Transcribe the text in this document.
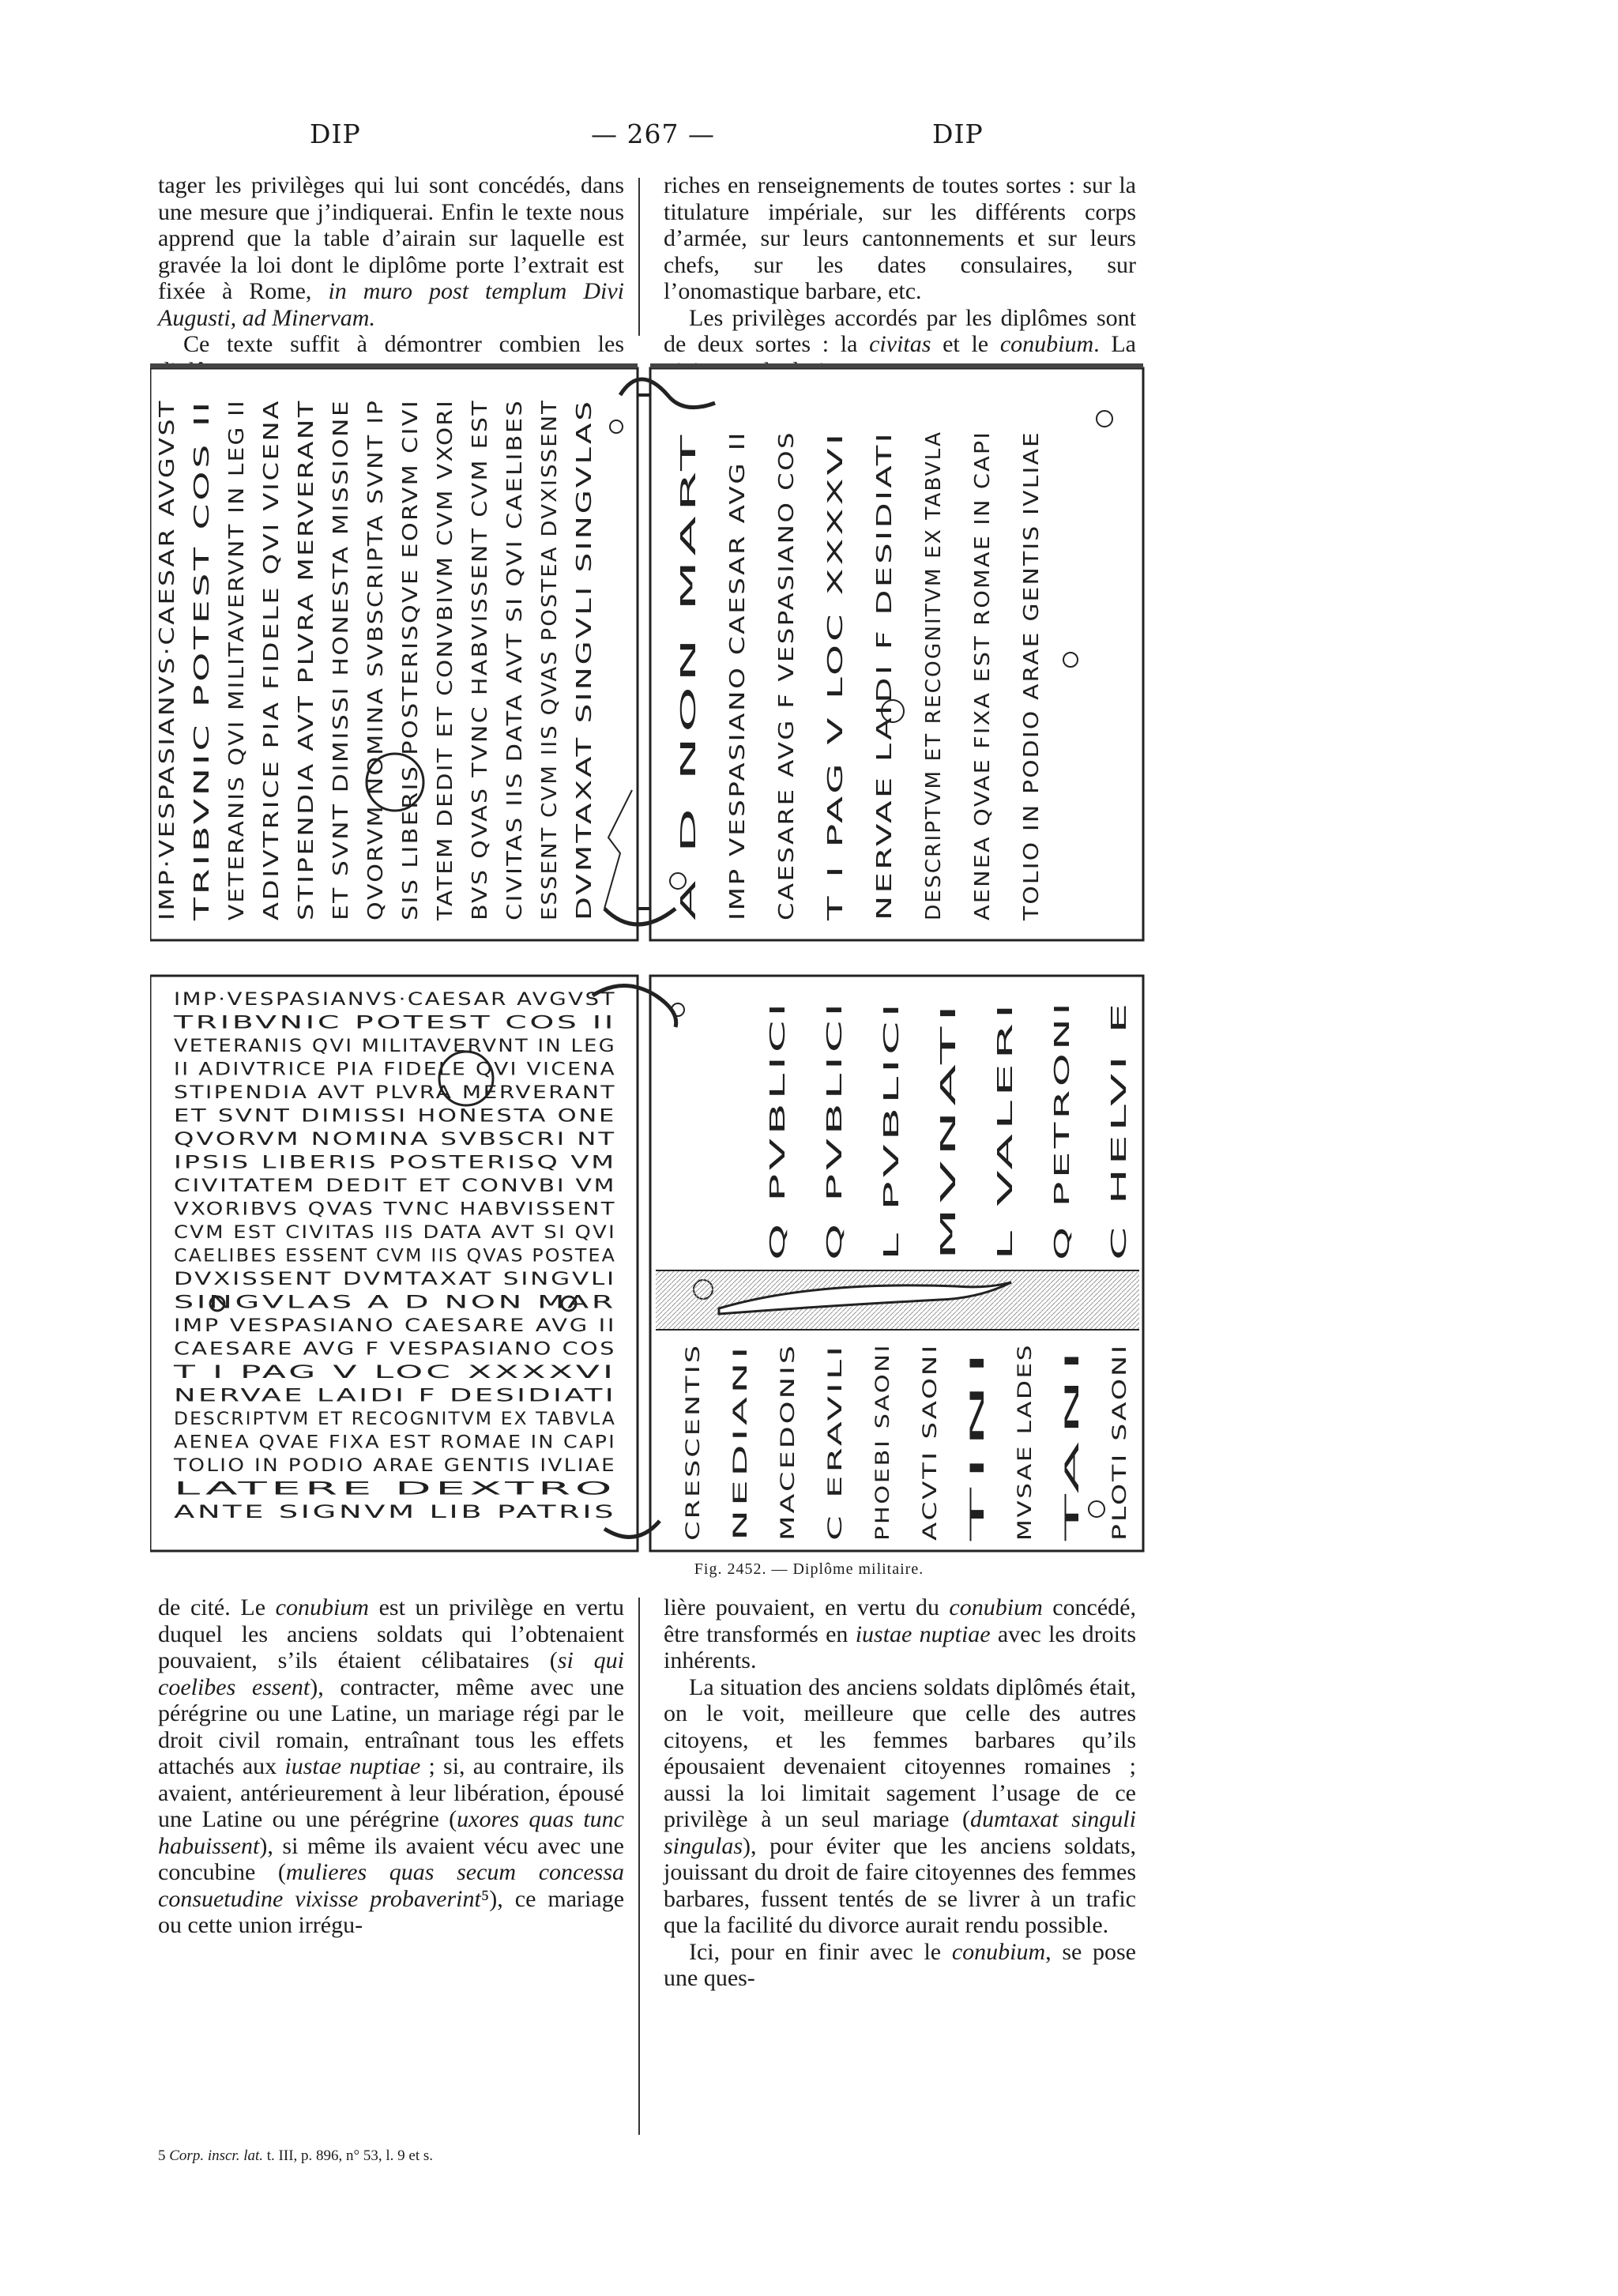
DIP	— 267 —	DIP

tager les privilèges qui lui sont concédés, dans une mesure que j’indiquerai. Enfin le texte nous apprend que la table d’airain sur laquelle est gravée la loi dont le diplôme porte l’extrait est fixée à Rome, in muro post templum Divi Augusti, ad Minervam.

Ce texte suffit à démontrer combien les

riches en renseignements de toutes sortes : sur la titulature impériale, sur les différents corps d’armée, sur leurs cantonnements et sur leurs chefs, sur les dates consulaires, sur l’onomastique barbare, etc.

Les privilèges accordés par les diplômes sont de deux sortes : la civitas et le conubium. La

IMP·VESPASIANVS·CAESAR AVGVST TRIBVNIC POTEST COS II VETERANIS QVI MILITAVERVNT IN LEG II ADIVTRICE PIA FIDELE QVI VICENA STIPENDIA AVT PLVRA MERVERANT ET SVNT DIMISSI HONESTA MISSIONE QVORVM NOMINA SVBSCRIPTA SVNT IP SIS LIBERIS POSTERISQVE EORVM CIVI TATEM DEDIT ET CONVBIVM CVM VXORI BVS QVAS TVNC HABVISSENT CVM EST CIVITAS IIS DATA AVT SI QVI CAELIBES ESSENT CVM IIS QVAS POSTEA DVXISSENT DVMTAXAT SINGVLI SINGVLAS	A D NON MART IMP VESPASIANO CAESAR AVG II CAESARE AVG F VESPASIANO COS T I PAG V LOC XXXXVI NERVAE LAIDI F DESIDIATI DESCRIPTVM ET RECOGNITVM EX TABVLA AENEA QVAE FIXA EST ROMAE IN CAPI TOLIO IN PODIO ARAE GENTIS IVLIAE
IMP·VESPASIANVS·CAESAR AVGVST
TRIBVNIC POTEST COS II
VETERANIS QVI MILITAVERVNT IN LEG
II ADIVTRICE PIA FIDELE QVI VICENA
STIPENDIA AVT PLVRA MERVERANT
ET SVNT DIMISSI HONESTA ONE
QVORVM NOMINA SVBSCRI NT
IPSIS LIBERIS POSTERISQ VM
CIVITATEM DEDIT ET CONVBI VM
VXORIBVS QVAS TVNC HABVISSENT
CVM EST CIVITAS IIS DATA AVT SI QVI
CAELIBES ESSENT CVM IIS QVAS POSTEA
DVXISSENT DVMTAXAT SINGVLI
SINGVLAS A D NON MAR
IMP VESPASIANO CAESARE AVG II
CAESARE AVG F VESPASIANO COS
T I PAG V LOC XXXXVI
NERVAE LAIDI F DESIDIATI
DESCRIPTVM ET RECOGNITVM EX TABVLA
AENEA QVAE FIXA EST ROMAE IN CAPI
TOLIO IN PODIO ARAE GENTIS IVLIAE
LATERE DEXTRO
ANTE SIGNVM LIB PATRIS
C HELVI E
Q PETRONI
L VALERI
MVNATI
L PVBLICI
Q PVBLICI
Q PVBLICI
PLOTI SAONI
TANI
MVSAE LADES
TINI
ACVTI SAONI
PHOEBI SAONI
C ERAVILI
MACEDONIS
NEDIANI
CRESCENTIS
Fig. 2452. — Diplôme militaire.

de cité. Le conubium est un privilège en vertu duquel les anciens soldats qui l’obtenaient pouvaient, s’ils étaient célibataires (si qui coelibes essent), contracter, même avec une pérégrine ou une Latine, un mariage régi par le droit civil romain, entraînant tous les effets attachés aux iustae nuptiae ; si, au contraire, ils avaient, antérieurement à leur libération, épousé une Latine ou une pérégrine (uxores quas tunc habuissent), si même ils avaient vécu avec une concubine (mulieres quas secum concessa consuetudine vixisse probaverint⁵), ce mariage ou cette union irrégu-

lière pouvaient, en vertu du conubium concédé, être transformés en iustae nuptiae avec les droits inhérents.

La situation des anciens soldats diplômés était, on le voit, meilleure que celle des autres citoyens, et les femmes barbares qu’ils épousaient devenaient citoyennes romaines ; aussi la loi limitait sagement l’usage de ce privilège à un seul mariage (dumtaxat singuli singulas), pour éviter que les anciens soldats, jouissant du droit de faire citoyennes des femmes barbares, fussent tentés de se livrer à un trafic que la facilité du divorce aurait rendu possible.

Ici, pour en finir avec le conubium, se pose une ques-

5 Corp. inscr. lat. t. III, p. 896, n° 53, l. 9 et s.
